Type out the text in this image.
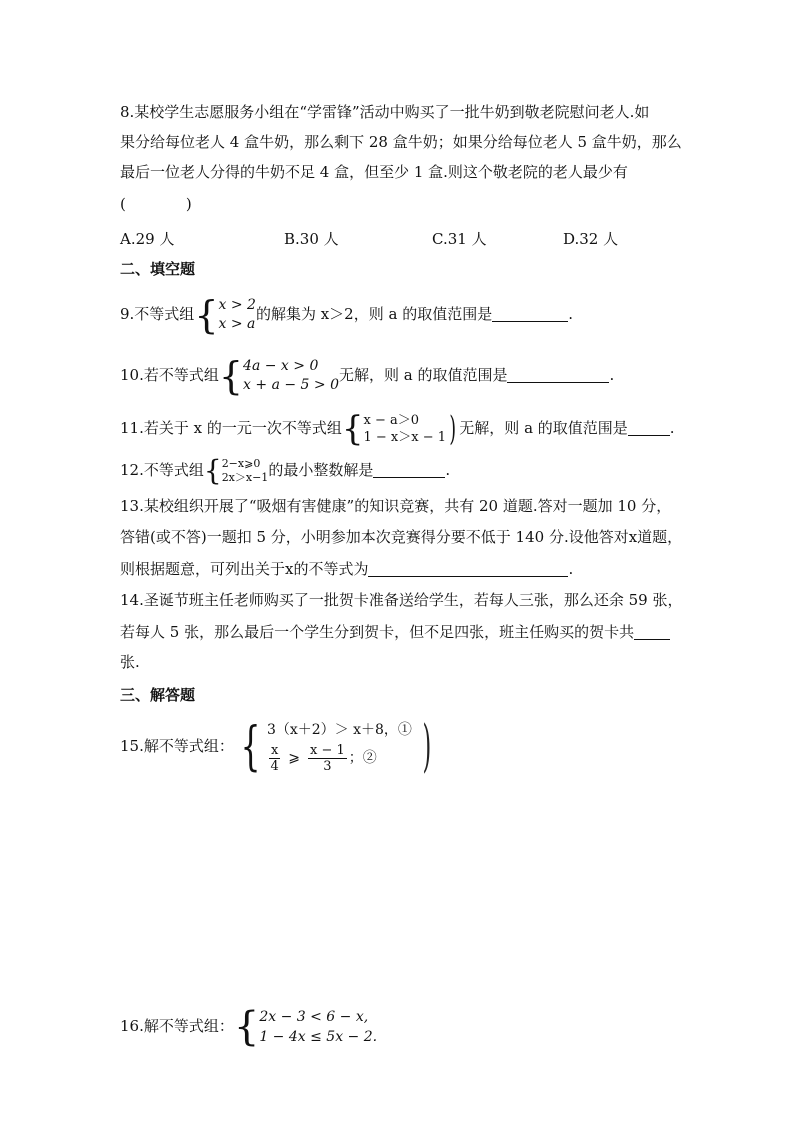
8.某校学生志愿服务小组在“学雷锋”活动中购买了一批牛奶到敬老院慰问老人.如
果分给每位老人 4 盒牛奶，那么剩下 28 盒牛奶；如果分给每位老人 5 盒牛奶，那么
最后一位老人分得的牛奶不足 4 盒，但至少 1 盒.则这个敬老院的老人最少有
(　　　　)
A.29 人	B.30 人	C.31 人	D.32 人
二、填空题
9.不等式组 { x > 2
x > a
的解集为 x＞2，则 a 的取值范围是	.
10.若不等式组 { 4a − x > 0
x + a − 5 > 0
无解，则 a 的取值范围是	.
11.若关于 x 的一元一次不等式组 { x − a＞0
1 − x＞x − 1 ) 无解，则 a 的取值范围是	.
12.不等式组 { 2−x⩾0
2x＞x−1 的最小整数解是	.
13.某校组织开展了“吸烟有害健康”的知识竞赛，共有 20 道题.答对一题加 10 分，
答错(或不答)一题扣 5 分，小明参加本次竞赛得分要不低于 140 分.设他答对x道题，
则根据题意，可列出关于x的不等式为	.
14.圣诞节班主任老师购买了一批贺卡准备送给学生，若每人三张，那么还余 59 张，
若每人 5 张，那么最后一个学生分到贺卡，但不足四张，班主任购买的贺卡共
张.
三、解答题
15.解不等式组： { 3（x＋2）＞ x＋8，①
$\frac{x}{4}$ ⩾ $\frac{x - 1}{3}$ ；② )
16.解不等式组： { 2x − 3 < 6 − x,
1 − 4x ≤ 5x − 2.
